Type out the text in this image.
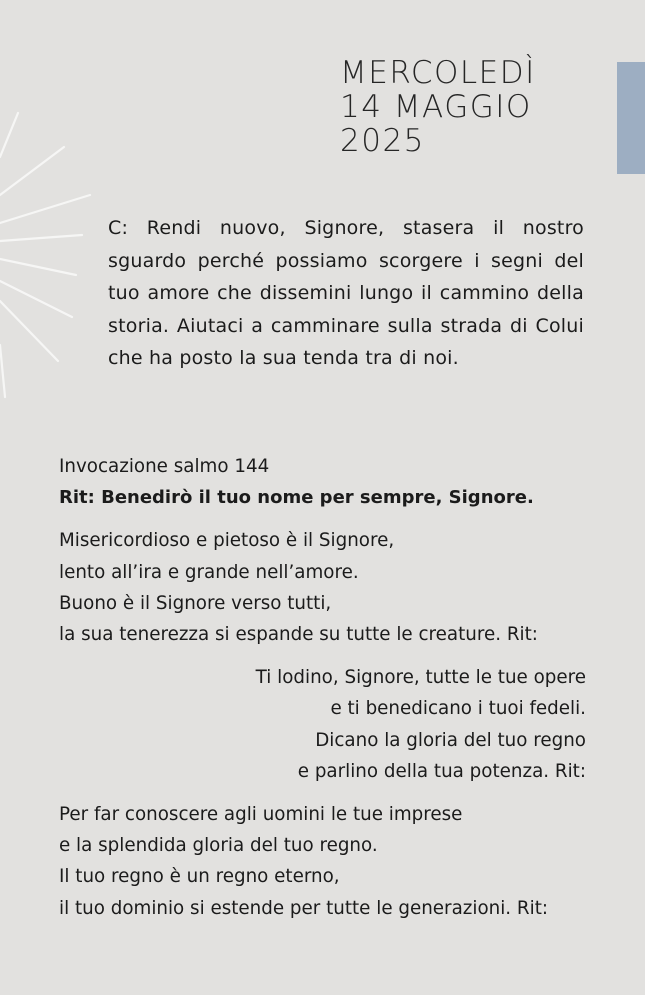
MERCOLEDÌ
14 MAGGIO
2025
C: Rendi nuovo, Signore, stasera il nostro sguardo perché possiamo scorgere i segni del tuo amore che dissemini lungo il cammino della storia. Aiutaci a camminare sulla strada di Colui che ha posto la sua tenda tra di noi.
Invocazione salmo 144
Rit: Benedirò il tuo nome per sempre, Signore.
Misericordioso e pietoso è il Signore,
lento all’ira e grande nell’amore.
Buono è il Signore verso tutti,
la sua tenerezza si espande su tutte le creature. Rit:
Ti lodino, Signore, tutte le tue opere
e ti benedicano i tuoi fedeli.
Dicano la gloria del tuo regno
e parlino della tua potenza. Rit:
Per far conoscere agli uomini le tue imprese
e la splendida gloria del tuo regno.
Il tuo regno è un regno eterno,
il tuo dominio si estende per tutte le generazioni. Rit:
